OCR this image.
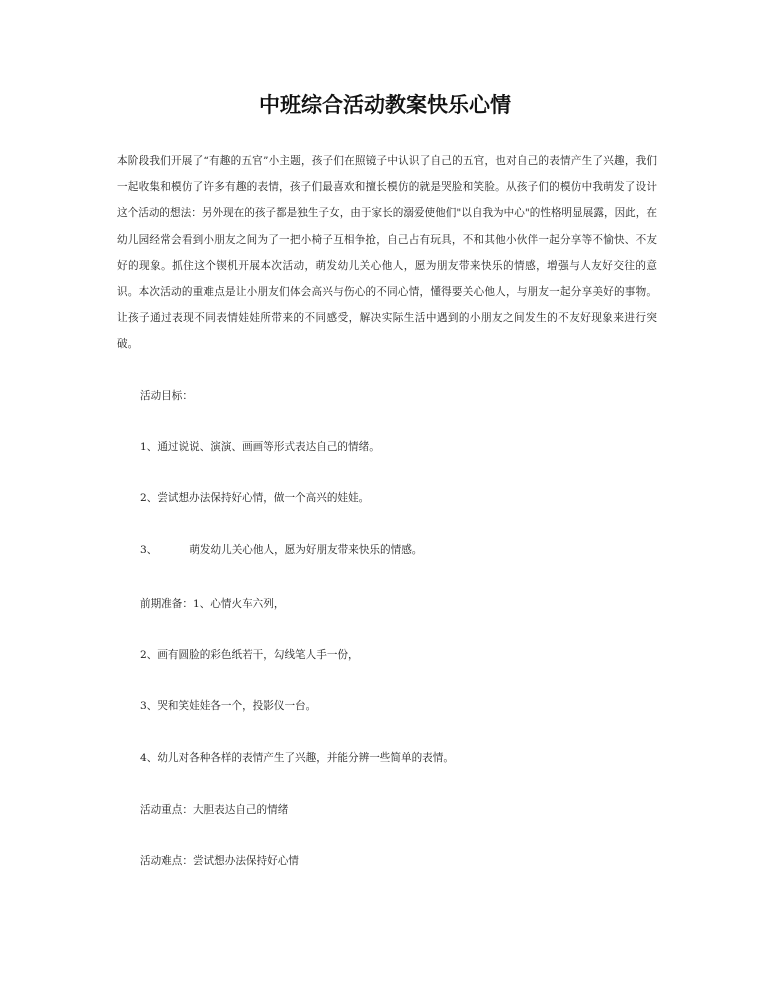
中班综合活动教案快乐心情
本阶段我们开展了“有趣的五官”小主题，孩子们在照镜子中认识了自己的五官，也对自己的表情产生了兴趣，我们一起收集和模仿了许多有趣的表情，孩子们最喜欢和擅长模仿的就是哭脸和笑脸。从孩子们的模仿中我萌发了设计这个活动的想法：另外现在的孩子都是独生子女，由于家长的溺爱使他们"以自我为中心"的性格明显展露，因此，在幼儿园经常会看到小朋友之间为了一把小椅子互相争抢，自己占有玩具，不和其他小伙伴一起分享等不愉快、不友好的现象。抓住这个锲机开展本次活动，萌发幼儿关心他人，愿为朋友带来快乐的情感，增强与人友好交往的意识。本次活动的重难点是让小朋友们体会高兴与伤心的不同心情，懂得要关心他人，与朋友一起分享美好的事物。让孩子通过表现不同表情娃娃所带来的不同感受，解决实际生活中遇到的小朋友之间发生的不友好现象来进行突破。
活动目标：
1、通过说说、演演、画画等形式表达自己的情绪。
2、尝试想办法保持好心情，做一个高兴的娃娃。
3、	萌发幼儿关心他人，愿为好朋友带来快乐的情感。
前期准备：1、心情火车六列，
2、画有圆脸的彩色纸若干，勾线笔人手一份，
3、哭和笑娃娃各一个，投影仪一台。
4、幼儿对各种各样的表情产生了兴趣，并能分辨一些简单的表情。
活动重点：大胆表达自己的情绪
活动难点：尝试想办法保持好心情
